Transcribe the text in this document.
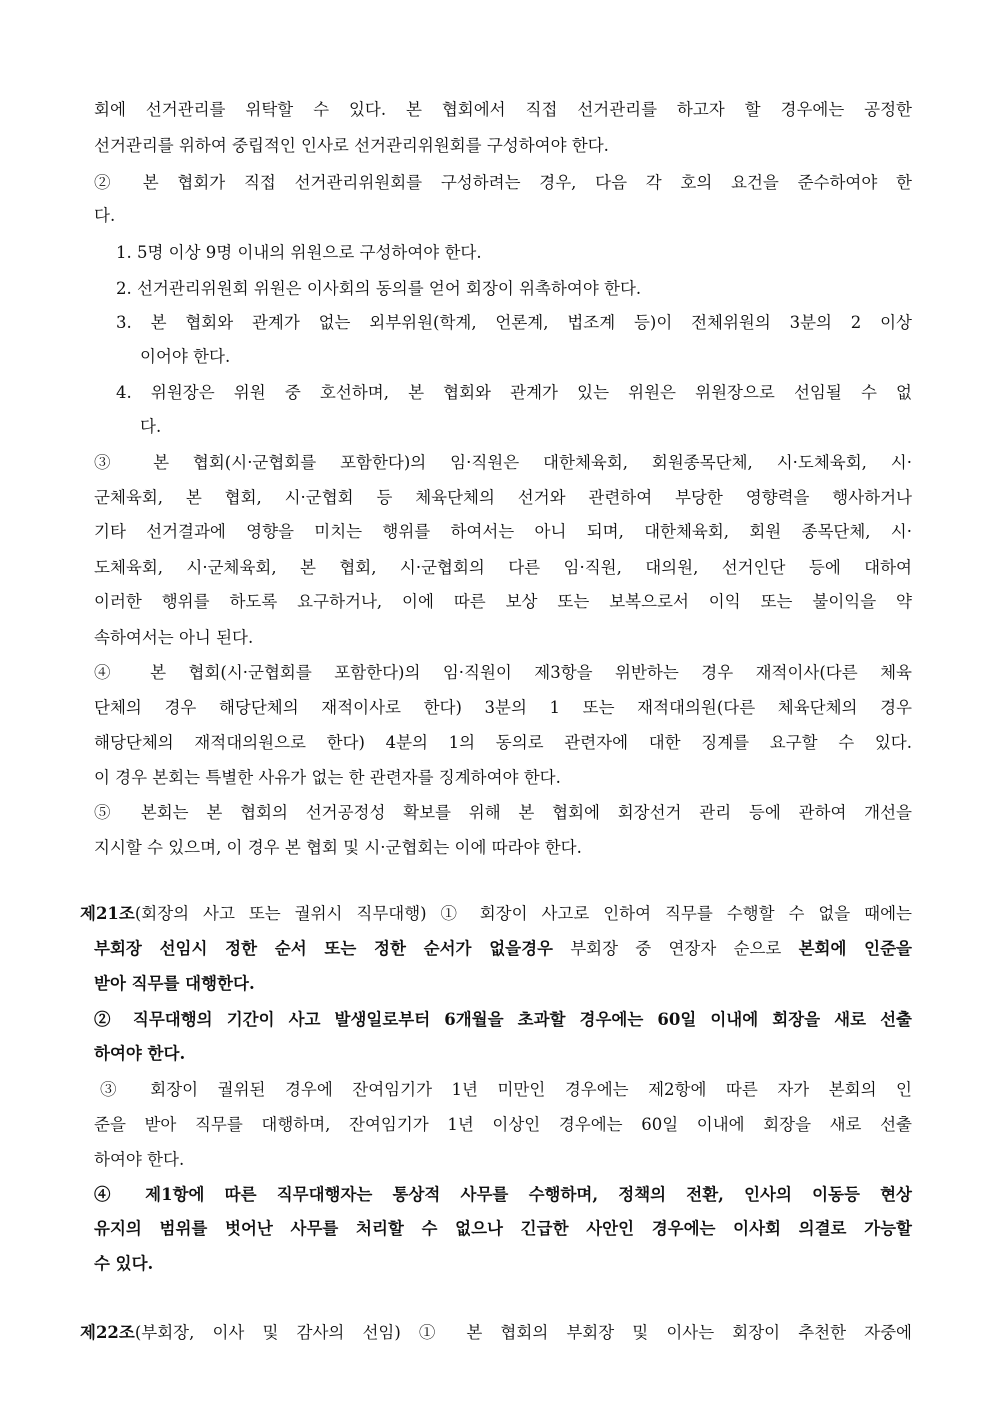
회에 선거관리를 위탁할 수 있다. 본 협회에서 직접 선거관리를 하고자 할 경우에는 공정한
선거관리를 위하여 중립적인 인사로 선거관리위원회를 구성하여야 한다.
② 본 협회가 직접 선거관리위원회를 구성하려는 경우, 다음 각 호의 요건을 준수하여야 한
다.
1. 5명 이상 9명 이내의 위원으로 구성하여야 한다.
2. 선거관리위원회 위원은 이사회의 동의를 얻어 회장이 위촉하여야 한다.
3. 본 협회와 관계가 없는 외부위원(학계, 언론계, 법조계 등)이 전체위원의 3분의 2 이상
이어야 한다.
4. 위원장은 위원 중 호선하며, 본 협회와 관계가 있는 위원은 위원장으로 선임될 수 없
다.
③ 본 협회(시·군협회를 포함한다)의 임·직원은 대한체육회, 회원종목단체, 시·도체육회, 시·
군체육회, 본 협회, 시·군협회 등 체육단체의 선거와 관련하여 부당한 영향력을 행사하거나
기타 선거결과에 영향을 미치는 행위를 하여서는 아니 되며, 대한체육회, 회원 종목단체, 시·
도체육회, 시·군체육회, 본 협회, 시·군협회의 다른 임·직원, 대의원, 선거인단 등에 대하여
이러한 행위를 하도록 요구하거나, 이에 따른 보상 또는 보복으로서 이익 또는 불이익을 약
속하여서는 아니 된다.
④ 본 협회(시·군협회를 포함한다)의 임·직원이 제3항을 위반하는 경우 재적이사(다른 체육
단체의 경우 해당단체의 재적이사로 한다) 3분의 1 또는 재적대의원(다른 체육단체의 경우
해당단체의 재적대의원으로 한다) 4분의 1의 동의로 관련자에 대한 징계를 요구할 수 있다.
이 경우 본회는 특별한 사유가 없는 한 관련자를 징계하여야 한다.
⑤ 본회는 본 협회의 선거공정성 확보를 위해 본 협회에 회장선거 관리 등에 관하여 개선을
지시할 수 있으며, 이 경우 본 협회 및 시·군협회는 이에 따라야 한다.
제21조(회장의 사고 또는 궐위시 직무대행) ① 회장이 사고로 인하여 직무를 수행할 수 없을 때에는
부회장 선임시 정한 순서 또는 정한 순서가 없을경우 부회장 중 연장자 순으로 본회에 인준을
받아 직무를 대행한다.
② 직무대행의 기간이 사고 발생일로부터 6개월을 초과할 경우에는 60일 이내에 회장을 새로 선출
하여야 한다.
③ 회장이 궐위된 경우에 잔여임기가 1년 미만인 경우에는 제2항에 따른 자가 본회의 인
준을 받아 직무를 대행하며, 잔여임기가 1년 이상인 경우에는 60일 이내에 회장을 새로 선출
하여야 한다.
④ 제1항에 따른 직무대행자는 통상적 사무를 수행하며, 정책의 전환, 인사의 이동등 현상
유지의 범위를 벗어난 사무를 처리할 수 없으나 긴급한 사안인 경우에는 이사회 의결로 가능할
수 있다.
제22조(부회장, 이사 및 감사의 선임) ① 본 협회의 부회장 및 이사는 회장이 추천한 자중에
